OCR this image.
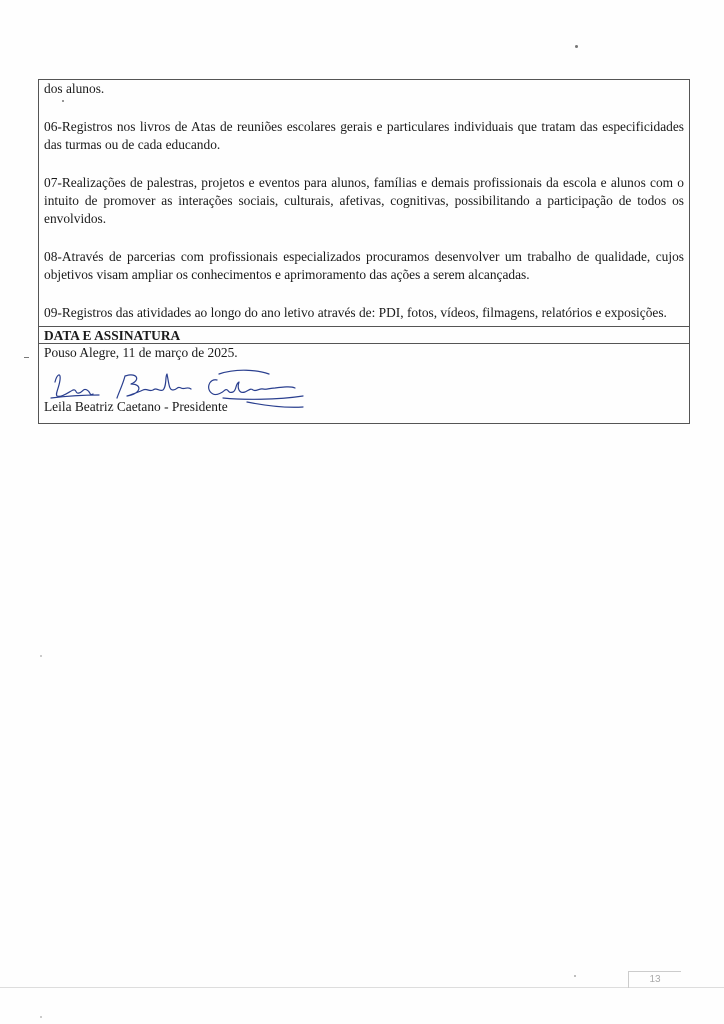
dos alunos.

06-Registros nos livros de Atas de reuniões escolares gerais e particulares individuais que tratam das especificidades das turmas ou de cada educando.

07-Realizações de palestras, projetos e eventos para alunos, famílias e demais profissionais da escola e alunos com o intuito de promover as interações sociais, culturais, afetivas, cognitivas, possibilitando a participação de todos os envolvidos.

08-Através de parcerias com profissionais especializados procuramos desenvolver um trabalho de qualidade, cujos objetivos visam ampliar os conhecimentos e aprimoramento das ações a serem alcançadas.

09-Registros das atividades ao longo do ano letivo através de: PDI, fotos, vídeos, filmagens, relatórios e exposições.

DATA E ASSINATURA
Pouso Alegre, 11 de março de 2025.
Leila Beatriz Caetano - Presidente
13
